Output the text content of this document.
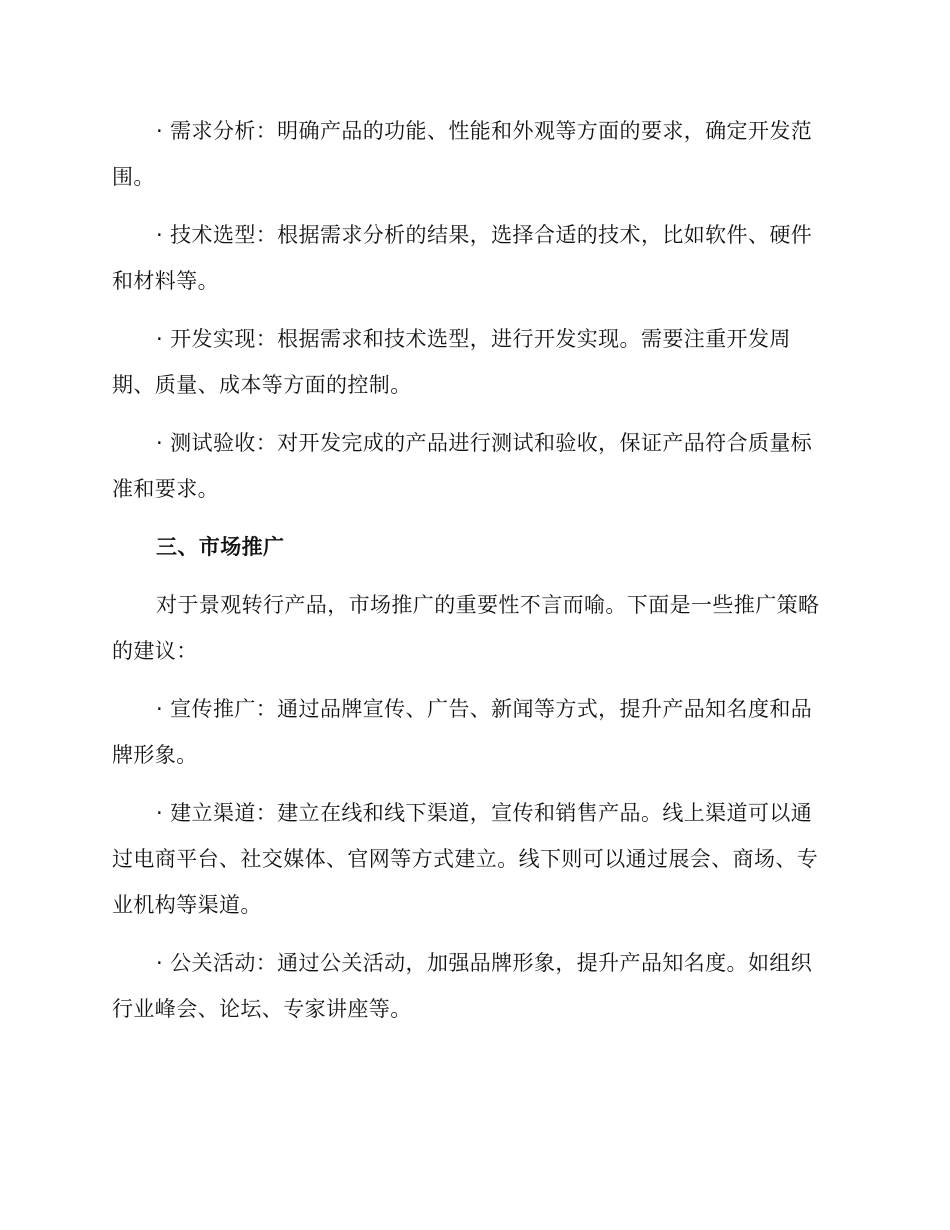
· 需求分析：明确产品的功能、性能和外观等方面的要求，确定开发范围。

· 技术选型：根据需求分析的结果，选择合适的技术，比如软件、硬件和材料等。

· 开发实现：根据需求和技术选型，进行开发实现。需要注重开发周期、质量、成本等方面的控制。

· 测试验收：对开发完成的产品进行测试和验收，保证产品符合质量标准和要求。

三、市场推广

对于景观转行产品，市场推广的重要性不言而喻。下面是一些推广策略的建议：

· 宣传推广：通过品牌宣传、广告、新闻等方式，提升产品知名度和品牌形象。

· 建立渠道：建立在线和线下渠道，宣传和销售产品。线上渠道可以通过电商平台、社交媒体、官网等方式建立。线下则可以通过展会、商场、专业机构等渠道。

· 公关活动：通过公关活动，加强品牌形象，提升产品知名度。如组织行业峰会、论坛、专家讲座等。
